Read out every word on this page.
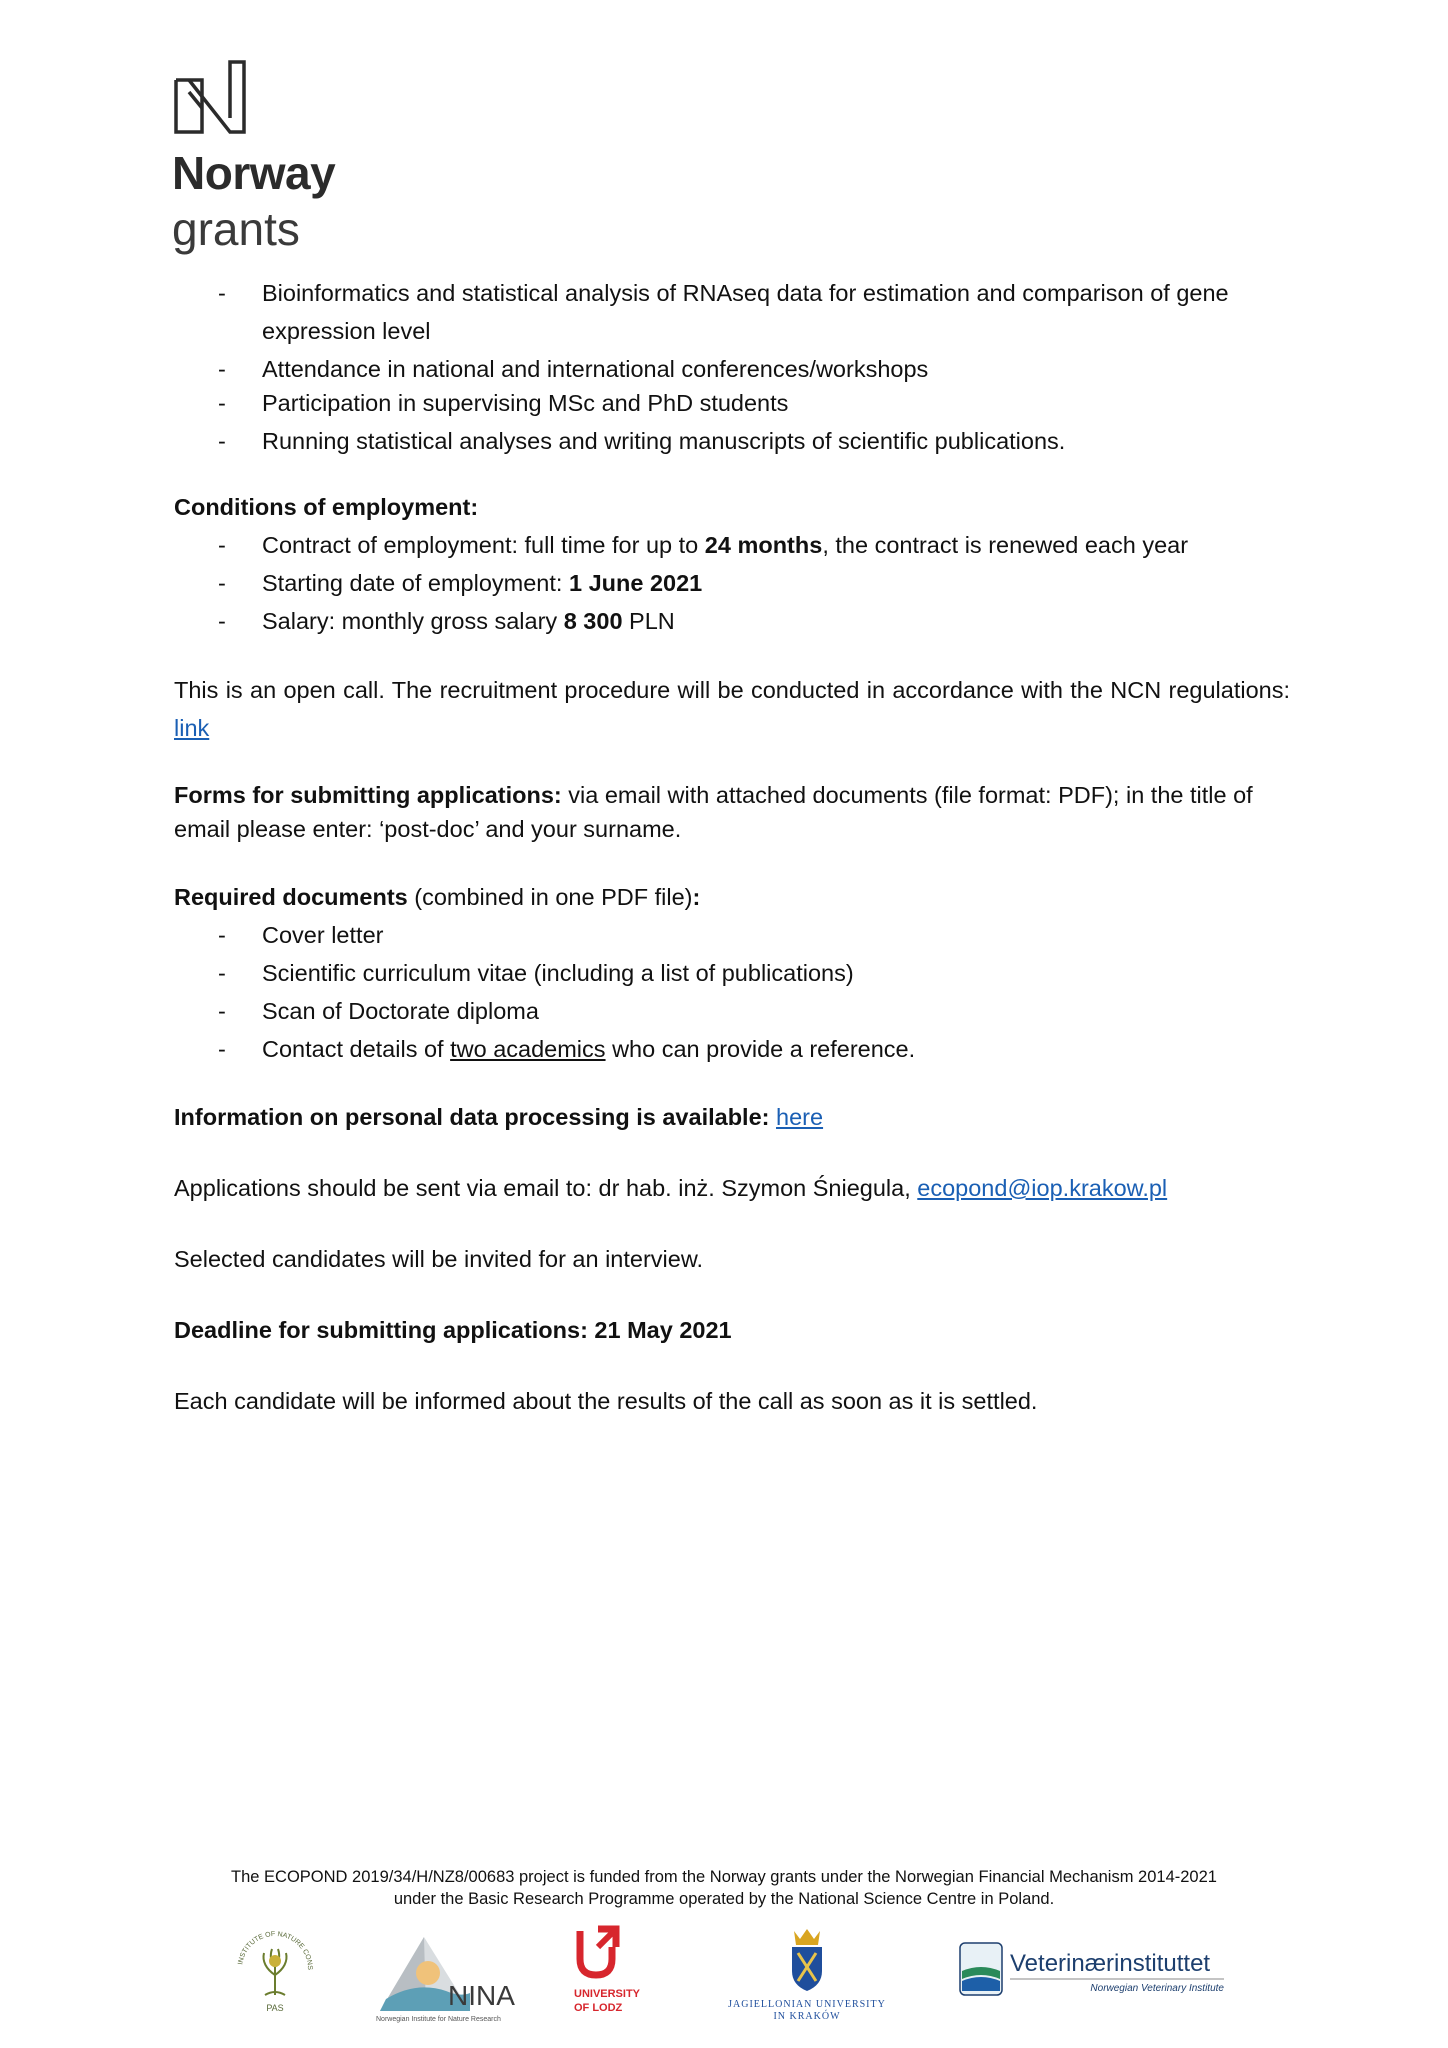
Norway
grants
- Bioinformatics and statistical analysis of RNAseq data for estimation and comparison of gene expression level
- Attendance in national and international conferences/workshops
- Participation in supervising MSc and PhD students
- Running statistical analyses and writing manuscripts of scientific publications.
Conditions of employment:
- Contract of employment: full time for up to 24 months, the contract is renewed each year
- Starting date of employment: 1 June 2021
- Salary: monthly gross salary 8 300 PLN
This is an open call. The recruitment procedure will be conducted in accordance with the NCN regulations: link
Forms for submitting applications: via email with attached documents (file format: PDF); in the title of email please enter: ‘post-doc’ and your surname.
Required documents (combined in one PDF file):
- Cover letter
- Scientific curriculum vitae (including a list of publications)
- Scan of Doctorate diploma
- Contact details of two academics who can provide a reference.
Information on personal data processing is available: here
Applications should be sent via email to: dr hab. inż. Szymon Śniegula, ecopond@iop.krakow.pl
Selected candidates will be invited for an interview.
Deadline for submitting applications: 21 May 2021
Each candidate will be informed about the results of the call as soon as it is settled.
The ECOPOND 2019/34/H/NZ8/00683 project is funded from the Norway grants under the Norwegian Financial Mechanism 2014-2021
under the Basic Research Programme operated by the National Science Centre in Poland.
INSTITUTE OF NATURE CONS
PAS	NINA
Norwegian Institute for Nature Research
UNIVERSITY
OF LODZ	JAGIELLONIAN UNIVERSITY
IN KRAKÓW
Veterinærinstituttet
Norwegian Veterinary Institute
